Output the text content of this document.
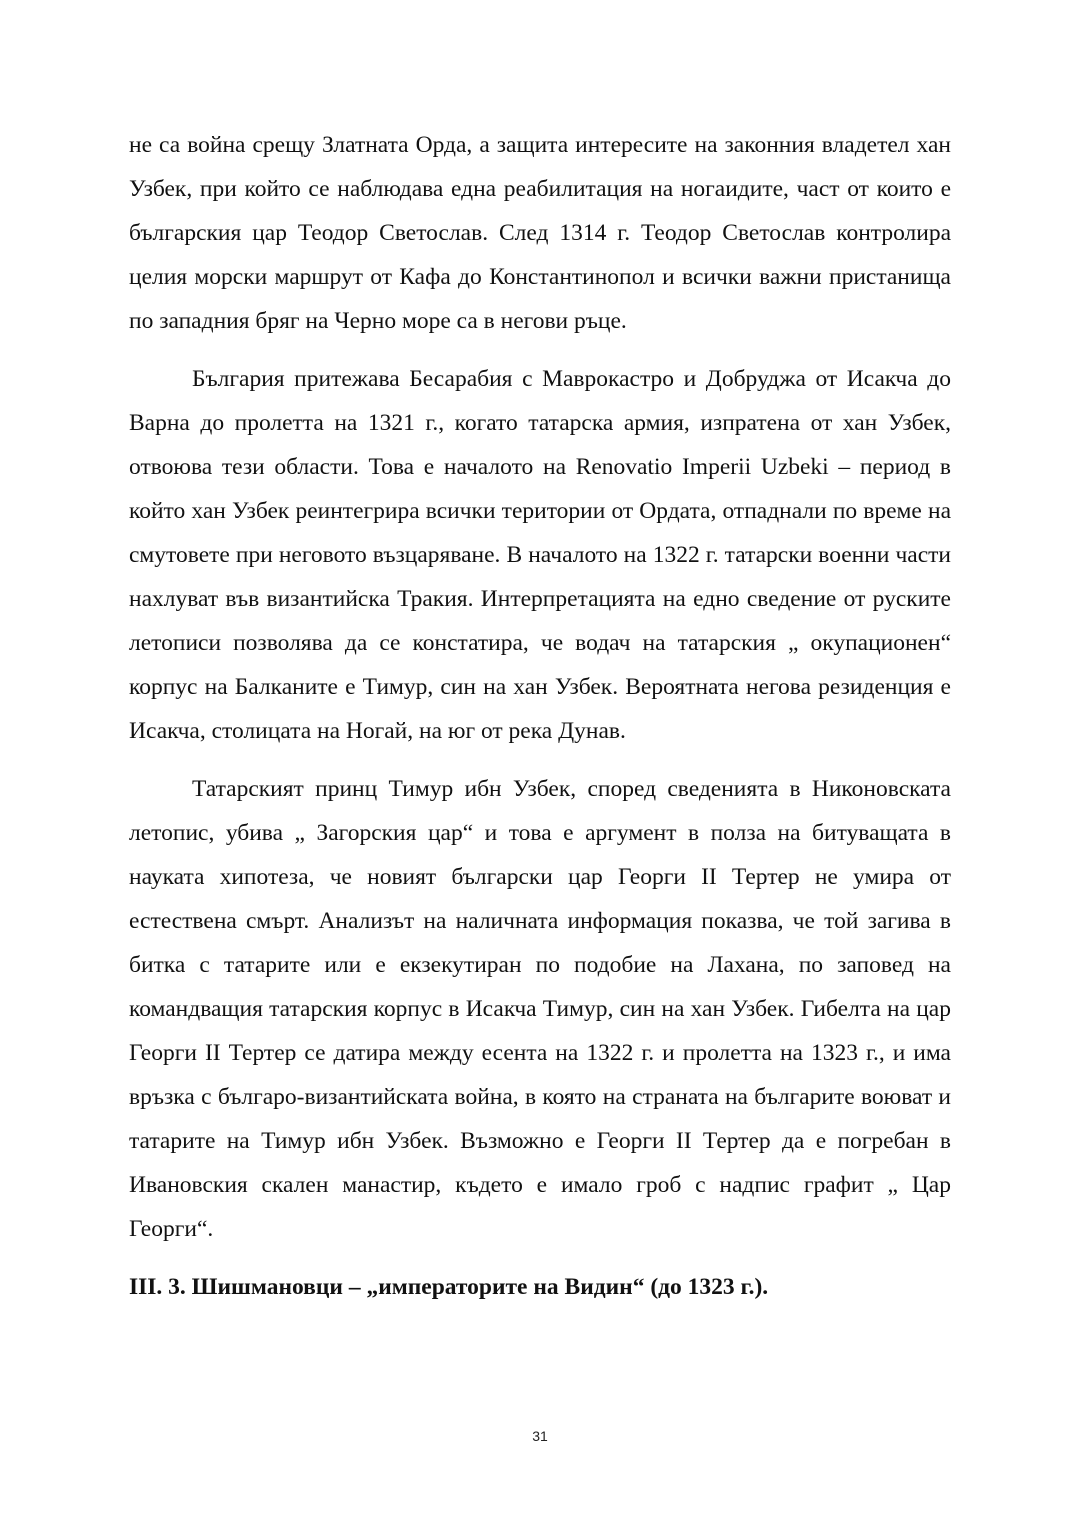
не са война срещу Златната Орда, а защита интересите на законния владетел хан Узбек, при който се наблюдава една реабилитация на ногаидите, част от които е българския цар Теодор Светослав. След 1314 г. Теодор Светослав контролира целия морски маршрут от Кафа до Константинопол и всички важни пристанища по западния бряг на Черно море са в негови ръце.

България притежава Бесарабия с Маврокастро и Добруджа от Исакча до Варна до пролетта на 1321 г., когато татарска армия, изпратена от хан Узбек, отвоюва тези области. Това е началото на Renovatio Imperii Uzbeki – период в който хан Узбек реинтегрира всички територии от Ордата, отпаднали по време на смутовете при неговото възцаряване. В началото на 1322 г. татарски военни части нахлуват във византийска Тракия. Интерпретацията на едно сведение от руските летописи позволява да се констатира, че водач на татарския „ окупационен“ корпус на Балканите е Тимур, син на хан Узбек. Вероятната негова резиденция е Исакча, столицата на Ногай, на юг от река Дунав.

Татарският принц Тимур ибн Узбек, според сведенията в Никоновската летопис, убива „ Загорския цар“ и това е аргумент в полза на битуващата в науката хипотеза, че новият български цар Георги II Тертер не умира от естествена смърт. Анализът на наличната информация показва, че той загива в битка с татарите или е екзекутиран по подобие на Лахана, по заповед на командващия татарския корпус в Исакча Тимур, син на хан Узбек. Гибелта на цар Георги II Тертер се датира между есента на 1322 г. и пролетта на 1323 г., и има връзка с българо-византийската война, в която на страната на българите воюват и татарите на Тимур ибн Узбек. Възможно е Георги II Тертер да е погребан в Ивановския скален манастир, където е имало гроб с надпис графит „ Цар Георги“.

III. 3. Шишмановци – „императорите на Видин“ (до 1323 г.).
31
